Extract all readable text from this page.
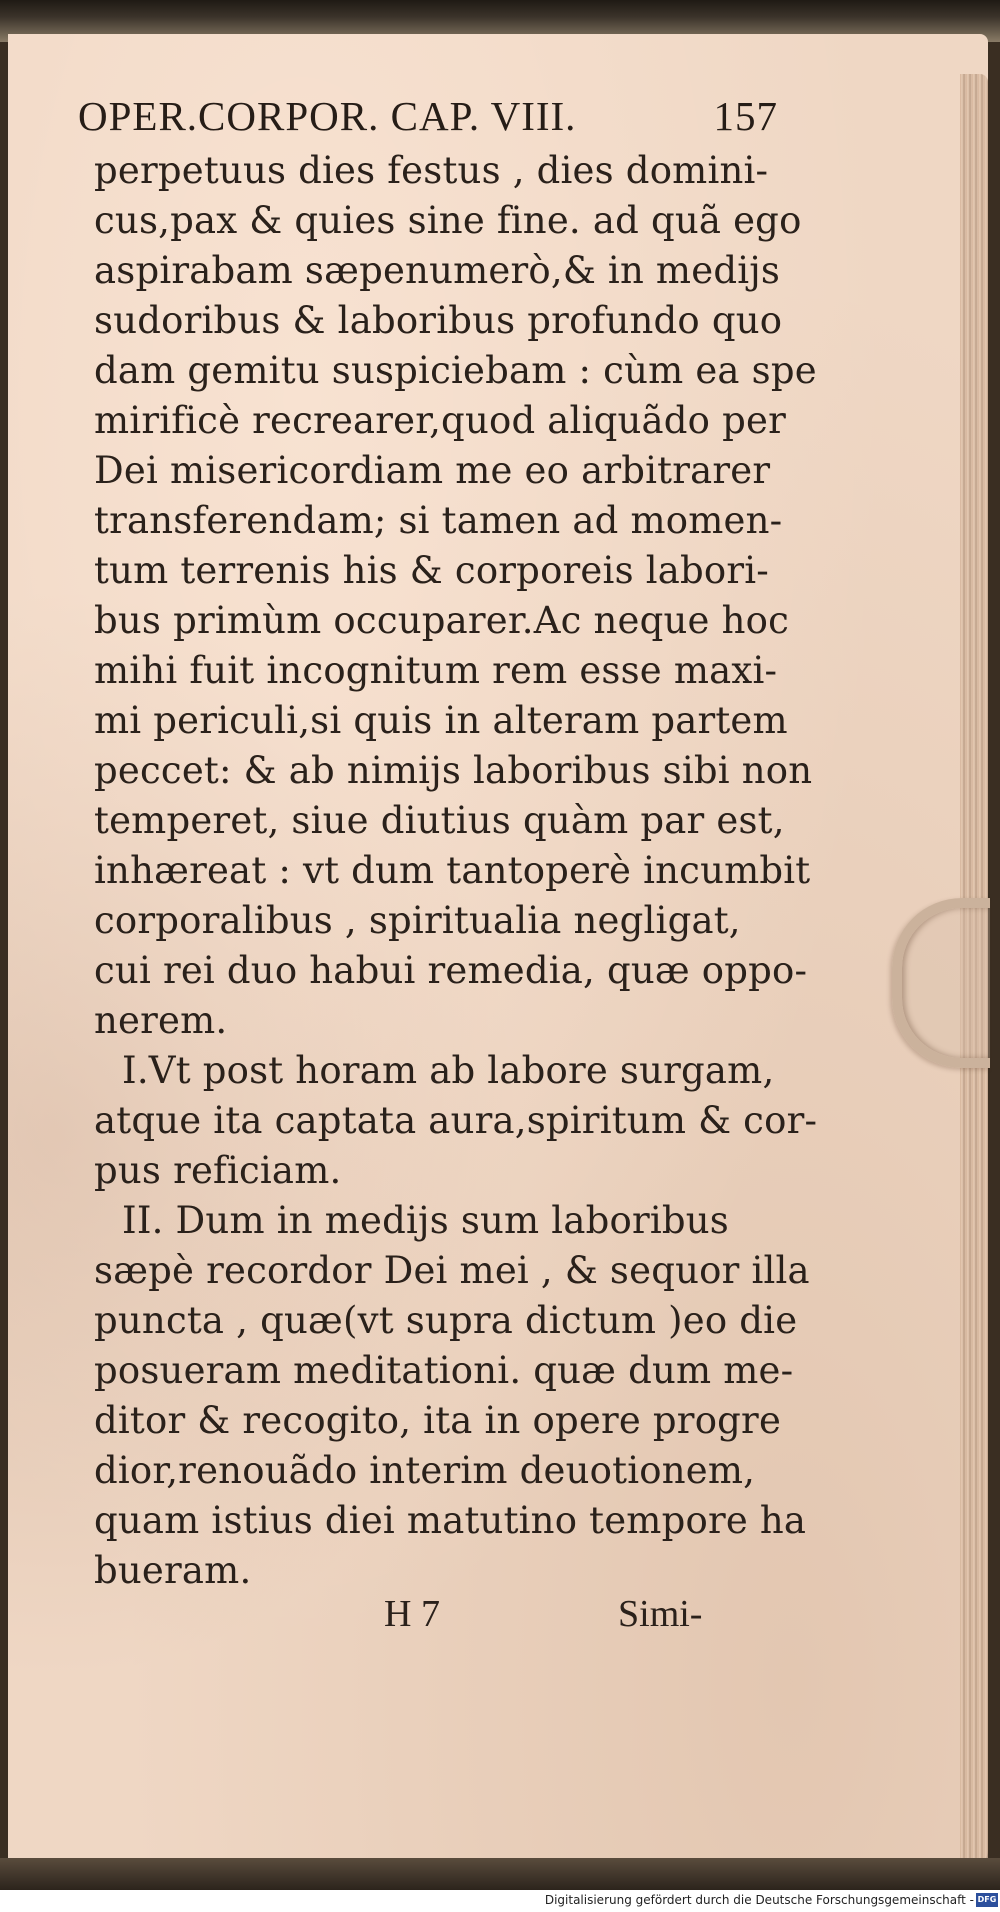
OPER.CORPOR. CAP. VIII.	157
perpetuus dies festus , dies domini-
cus,pax & quies sine fine. ad quã ego
aspirabam sæpenumerò,& in medijs
sudoribus & laboribus profundo quo
dam gemitu suspiciebam : cùm ea spe
mirificè recrearer,quod aliquãdo per
Dei misericordiam me eo arbitrarer
transferendam; si tamen ad momen-
tum terrenis his & corporeis labori-
bus primùm occuparer.Ac neque hoc
mihi fuit incognitum rem esse maxi-
mi periculi,si quis in alteram partem
peccet: & ab nimijs laboribus sibi non
temperet, siue diutius quàm par est,
inhæreat : vt dum tantoperè incumbit
corporalibus , spiritualia negligat,
cui rei duo habui remedia, quæ oppo-
nerem.
I.Vt post horam ab labore surgam,
atque ita captata aura,spiritum & cor-
pus reficiam.
II. Dum in medijs sum laboribus
sæpè recordor Dei mei , & sequor illa
puncta , quæ(vt supra dictum )eo die
posueram meditationi. quæ dum me-
ditor & recogito, ita in opere progre
dior,renouãdo interim deuotionem,
quam istius diei matutino tempore ha
bueram.
H 7	Simi-
Digitalisierung gefördert durch die Deutsche Forschungsgemeinschaft - DFG
